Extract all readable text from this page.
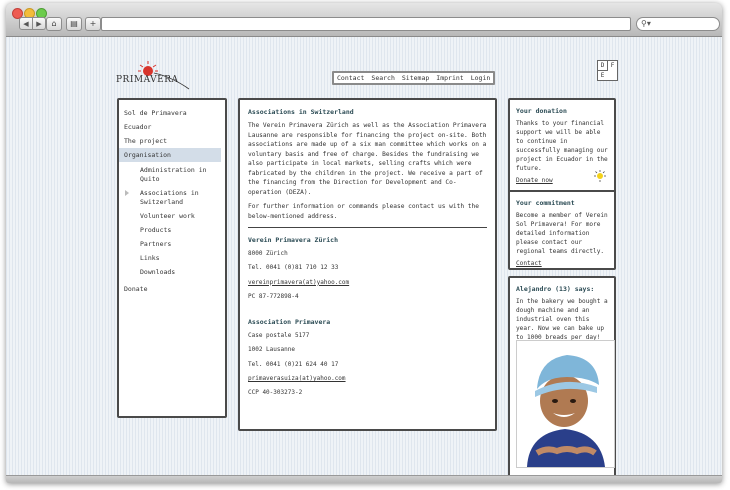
◀	▶	⌂	▤	+	⚲▾
PRIMAVERA	Contact Search Sitemap Imprint Login
D	F
E
Sol de Primavera
Ecuador
The project
Organisation
Administration in Quito
Associations in Switzerland
Volunteer work
Products
Partners
Links
Downloads
Donate
Associations in Switzerland

The Verein Primavera Zürich as well as the Association Primavera Lausanne are responsible for financing the project on-site. Both associations are made up of a six man committee which works on a voluntary basis and free of charge. Besides the fundraising we also participate in local markets, selling crafts which were fabricated by the children in the project. We receive a part of the financing from the Direction for Development and Co-operation (DEZA).

For further information or commands please contact us with the below-mentioned address.

Verein Primavera Zürich
8000 Zürich
Tel. 0041 (0)81 710 12 33
vereinprimavera(at)yahoo.com
PC 87-772898-4
Association Primavera
Case postale 5177
1002 Lausanne
Tel. 0041 (0)21 624 40 17
primaverasuiza(at)yahoo.com
CCP 40-303273-2
Your donation

Thanks to your financial support we will be able to continue in successfully managing our project in Ecuador in the future.

Donate now
Your commitment

Become a member of Verein Sol Primavera! For more detailed information please contact our regional teams directly.

Contact
Alejandro (13) says:

In the bakery we bought a dough machine and an industrial oven this year. Now we can bake up to 1000 breads per day!
